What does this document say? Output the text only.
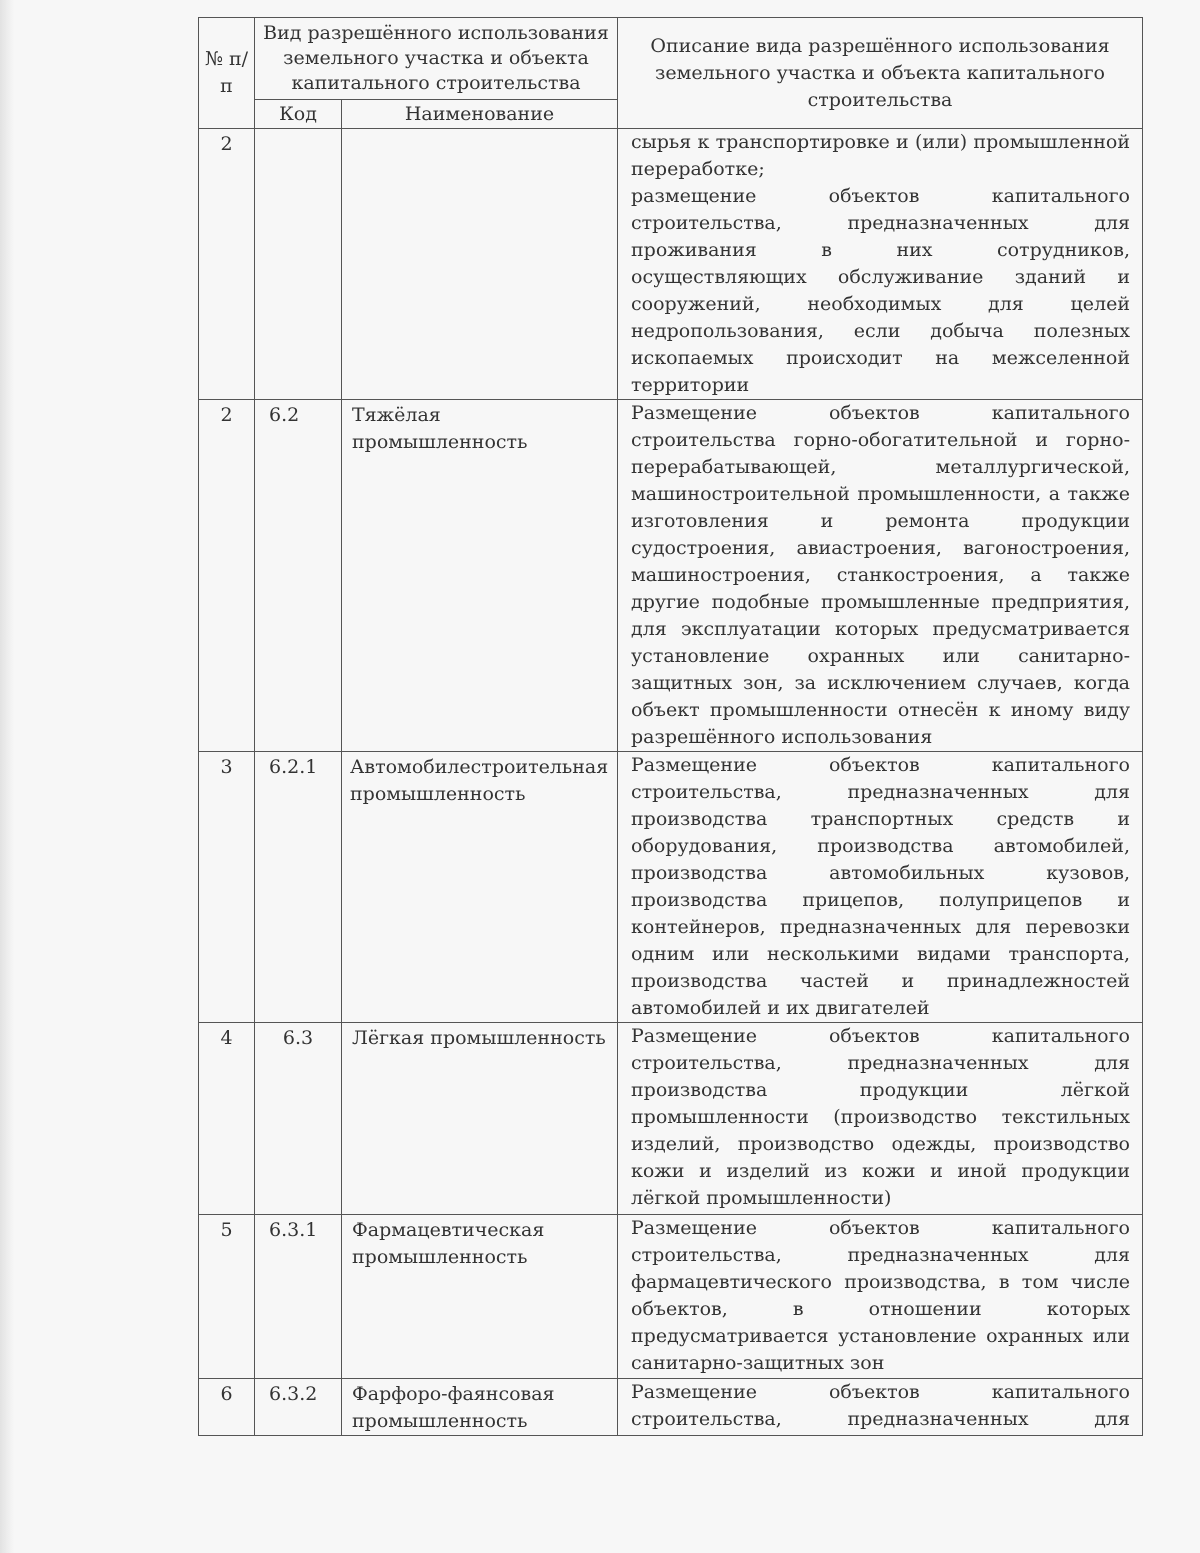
№ п/п	Вид разрешённого использования земельного участка и объекта капитального строительства		Описание вида разрешённого использования земельного участка и объекта капитального строительства
	Код	Наименование	
2			сырья к транспортировке и (или) промышленной переработке;
размещение объектов капитального строительства, предназначенных для проживания в них сотрудников, осуществляющих обслуживание зданий и сооружений, необходимых для целей недропользования, если добыча полезных ископаемых происходит на межселенной территории

2	6.2	Тяжёлая промышленность	Размещение объектов капитального строительства горно-обогатительной и горно-перерабатывающей, металлургической, машиностроительной промышленности, а также изготовления и ремонта продукции судостроения, авиастроения, вагоностроения, машиностроения, станкостроения, а также другие подобные промышленные предприятия, для эксплуатации которых предусматривается установление охранных или санитарно-защитных зон, за исключением случаев, когда объект промышленности отнесён к иному виду разрешённого использования
3	6.2.1	Автомобилестроительная промышленность	Размещение объектов капитального строительства, предназначенных для производства транспортных средств и оборудования, производства автомобилей, производства автомобильных кузовов, производства прицепов, полуприцепов и контейнеров, предназначенных для перевозки одним или несколькими видами транспорта, производства частей и принадлежностей автомобилей и их двигателей
4	6.3	Лёгкая промышленность	Размещение объектов капитального строительства, предназначенных для производства продукции лёгкой промышленности (производство текстильных изделий, производство одежды, производство кожи и изделий из кожи и иной продукции лёгкой промышленности)
5	6.3.1	Фармацевтическая промышленность	Размещение объектов капитального строительства, предназначенных для фармацевтического производства, в том числе объектов, в отношении которых предусматривается установление охранных или санитарно-защитных зон
6	6.3.2	Фарфоро-фаянсовая промышленность	Размещение объектов капитального строительства, предназначенных для
